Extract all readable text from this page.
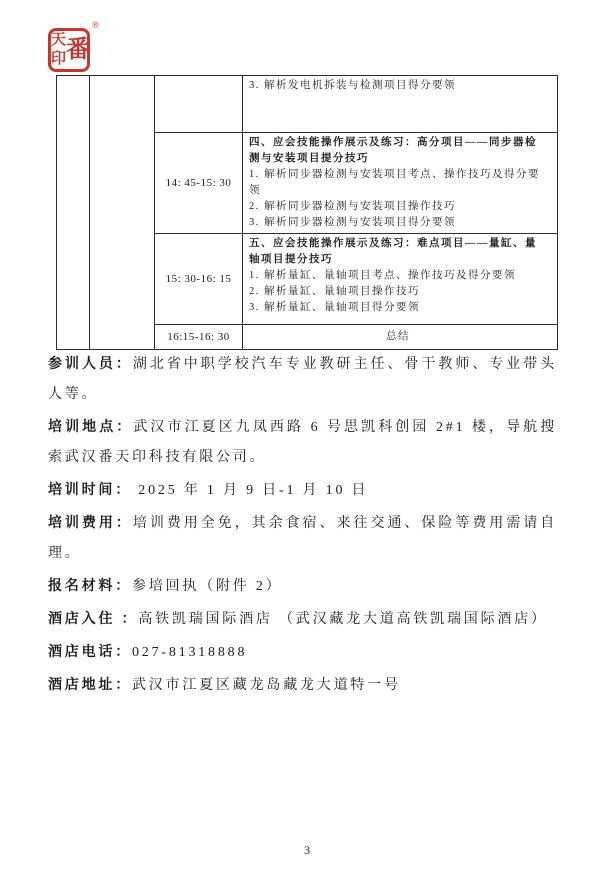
天
印 番
®

			3. 解析发电机拆装与检测项目得分要领

		14: 45-15: 30	四、应会技能操作展示及练习：高分项目——同步器检测与安装项目提分技巧
1. 解析同步器检测与安装项目考点、操作技巧及得分要领
2. 解析同步器检测与安装项目操作技巧
3. 解析同步器检测与安装项目得分要领

		15: 30-16: 15	五、应会技能操作展示及练习：难点项目——量缸、量轴项目提分技巧
1. 解析量缸、量轴项目考点、操作技巧及得分要领
2. 解析量缸、量轴项目操作技巧
3. 解析量缸、量轴项目得分要领

		16:15-16: 30	总结

参训人员：湖北省中职学校汽车专业教研主任、骨干教师、专业带头人等。

培训地点：武汉市江夏区九凤西路 6 号思凯科创园 2#1 楼，导航搜索武汉番天印科技有限公司。

培训时间： 2025 年 1 月 9 日-1 月 10 日

培训费用：培训费用全免，其余食宿、来往交通、保险等费用需请自理。

报名材料：参培回执（附件 2）

酒店入住 ：高铁凯瑞国际酒店 （武汉藏龙大道高铁凯瑞国际酒店）

酒店电话：027-81318888

酒店地址：武汉市江夏区藏龙岛藏龙大道特一号

3
